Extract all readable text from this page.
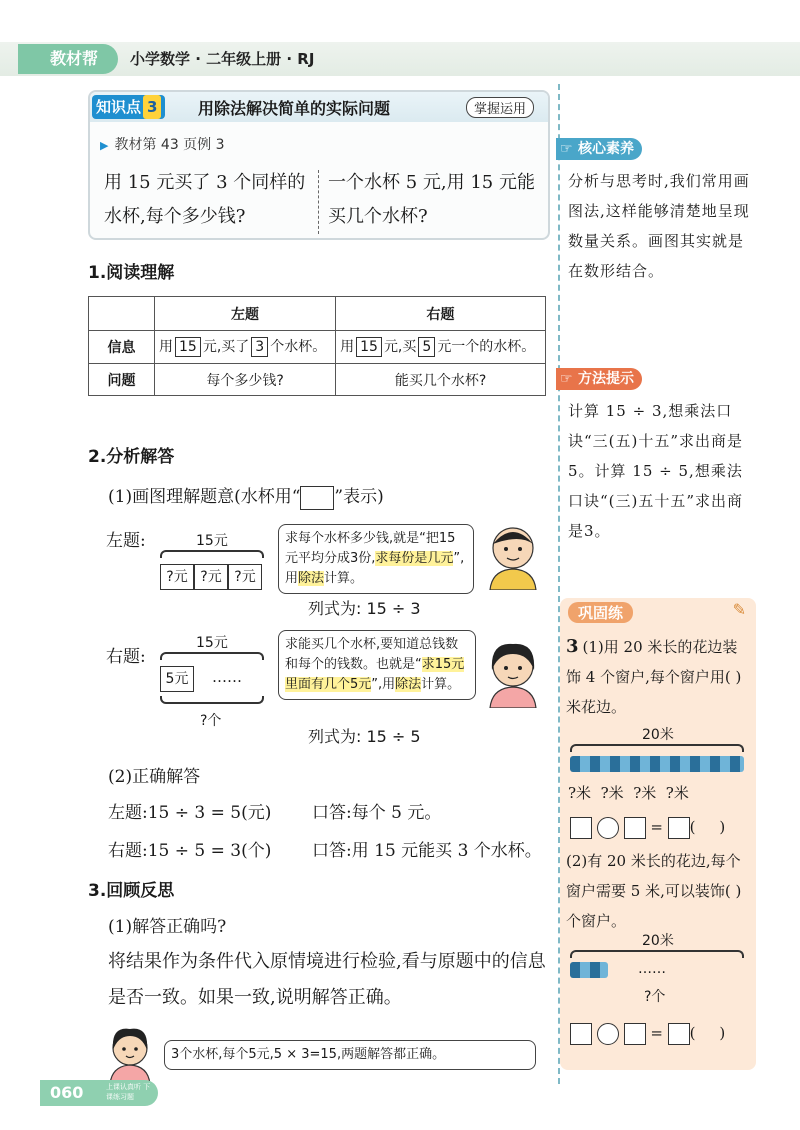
教材帮	小学数学 · 二年级上册 · RJ
知识点 3	用除法解决简单的实际问题	掌握运用
▶ 教材第 43 页例 3
用 15 元买了 3 个同样的水杯,每个多少钱?
一个水杯 5 元,用 15 元能买几个水杯?
1.阅读理解
	左题	右题
信息	用 15 元,买了 3 个水杯。	用 15 元,买 5 元一个的水杯。
问题	每个多少钱?	能买几个水杯?
2.分析解答
(1)画图理解题意(水杯用“ ”表示)
左题:	15元
?元 ?元 ?元
求每个水杯多少钱,就是“把15元平均分成3份,求每份是几元”,用除法计算。
列式为: 15 ÷ 3
右题:
15元
5元	……
?个
求能买几个水杯,要知道总钱数和每个的钱数。也就是“求15元里面有几个5元”,用除法计算。
列式为: 15 ÷ 5
(2)正确解答
左题:15 ÷ 3 = 5(元) 口答:每个 5 元。
右题:15 ÷ 5 = 3(个) 口答:用 15 元能买 3 个水杯。
3.回顾反思
(1)解答正确吗?
将结果作为条件代入原情境进行检验,看与原题中的信息是否一致。如果一致,说明解答正确。
3个水杯,每个5元,5 × 3=15,两题解答都正确。
☞ 核心素养
分析与思考时,我们常用画图法,这样能够清楚地呈现数量关系。画图其实就是在数形结合。
☞ 方法提示
计算 15 ÷ 3,想乘法口诀“三(五)十五”求出商是5。计算 15 ÷ 5,想乘法口诀“(三)五十五”求出商是3。
巩固练	✎
3 (1)用 20 米长的花边装饰 4 个窗户,每个窗户用( )米花边。
20米
?米 ?米 ?米 ?米
= ( )
(2)有 20 米长的花边,每个窗户需要 5 米,可以装饰( )个窗户。
20米
……
?个
= ( )
060	上课认真听 下课练习题
